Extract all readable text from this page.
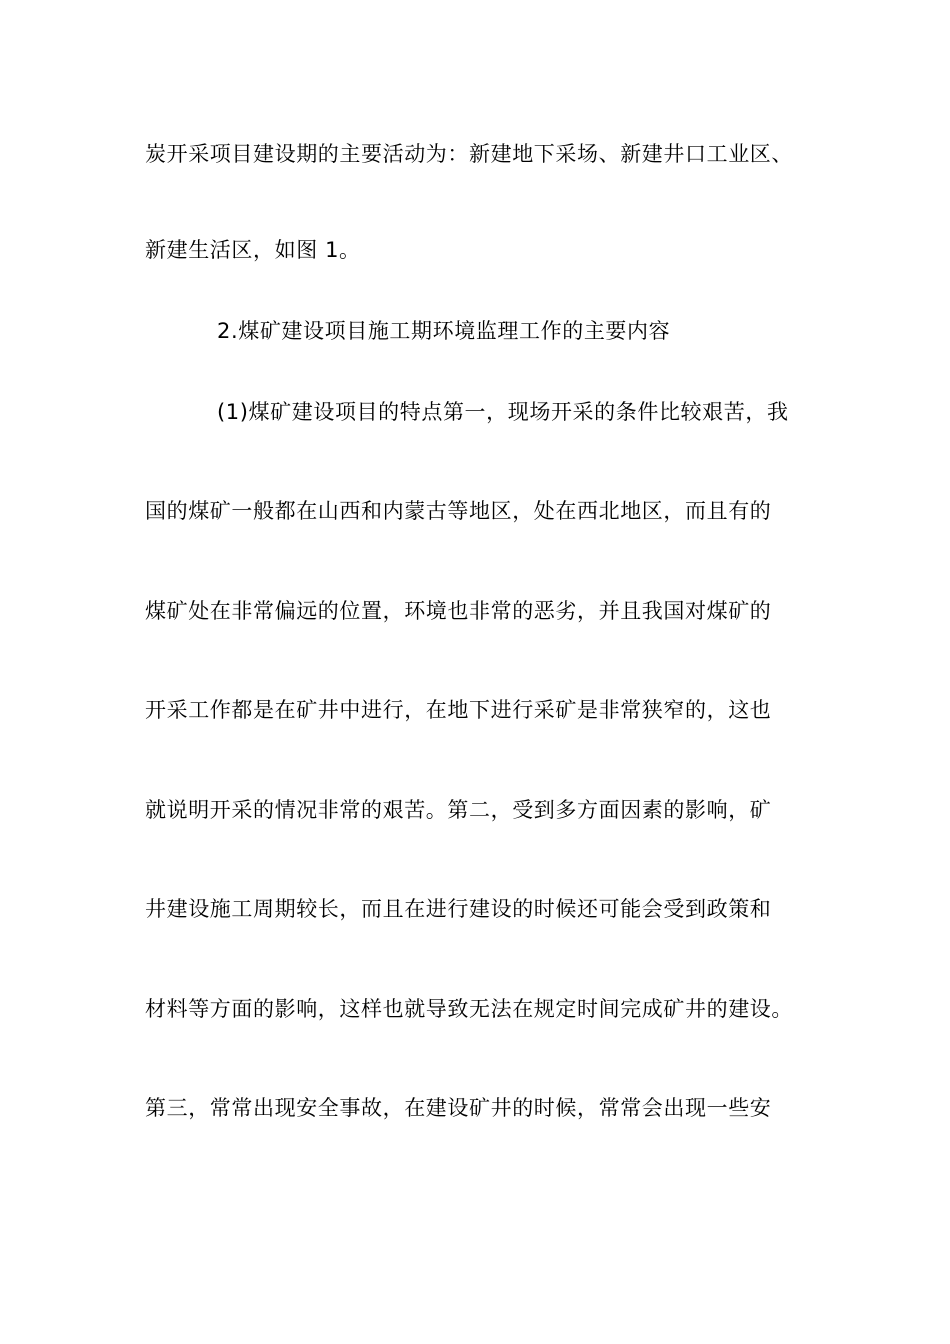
炭开采项目建设期的主要活动为：新建地下采场、新建井口工业区、
新建生活区，如图 1。
2.煤矿建设项目施工期环境监理工作的主要内容
(1)煤矿建设项目的特点第一，现场开采的条件比较艰苦，我
国的煤矿一般都在山西和内蒙古等地区，处在西北地区，而且有的
煤矿处在非常偏远的位置，环境也非常的恶劣，并且我国对煤矿的
开采工作都是在矿井中进行，在地下进行采矿是非常狭窄的，这也
就说明开采的情况非常的艰苦。第二，受到多方面因素的影响，矿
井建设施工周期较长，而且在进行建设的时候还可能会受到政策和
材料等方面的影响，这样也就导致无法在规定时间完成矿井的建设。
第三，常常出现安全事故，在建设矿井的时候，常常会出现一些安
